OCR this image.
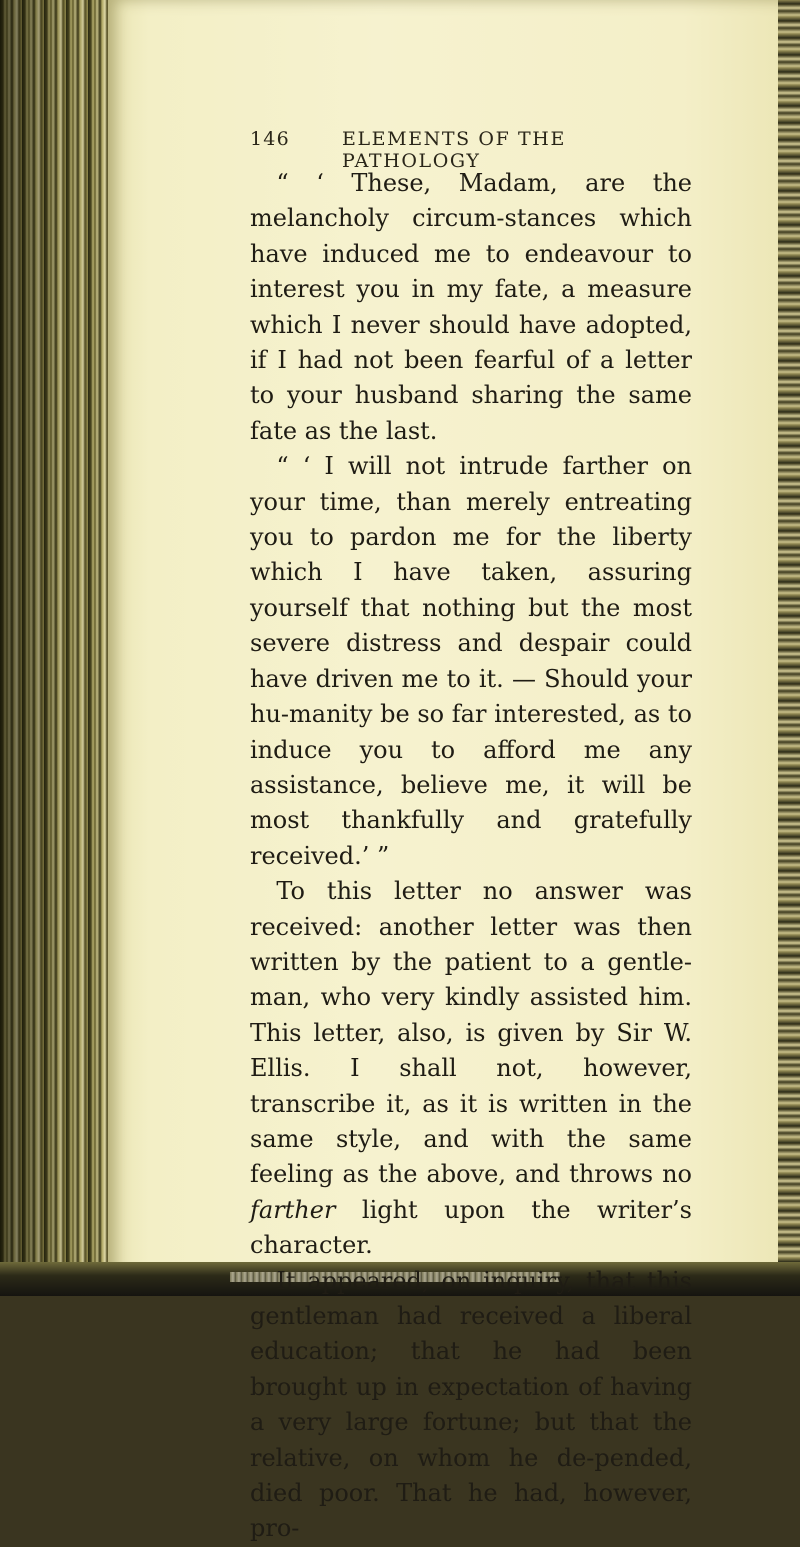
146	ELEMENTS OF THE PATHOLOGY

“ ‘ These, Madam, are the melancholy circum-stances which have induced me to endeavour to interest you in my fate, a measure which I never should have adopted, if I had not been fearful of a letter to your husband sharing the same fate as the last.

“ ‘ I will not intrude farther on your time, than merely entreating you to pardon me for the liberty which I have taken, assuring yourself that nothing but the most severe distress and despair could have driven me to it. — Should your hu-manity be so far interested, as to induce you to afford me any assistance, believe me, it will be most thankfully and gratefully received.’ ”

To this letter no answer was received: another letter was then written by the patient to a gentle-man, who very kindly assisted him. This letter, also, is given by Sir W. Ellis. I shall not, however, transcribe it, as it is written in the same style, and with the same feeling as the above, and throws no farther light upon the writer’s character.

It appeared, on inquiry, that this gentleman had received a liberal education; that he had been brought up in expectation of having a very large fortune; but that the relative, on whom he de-pended, died poor. That he had, however, pro-
